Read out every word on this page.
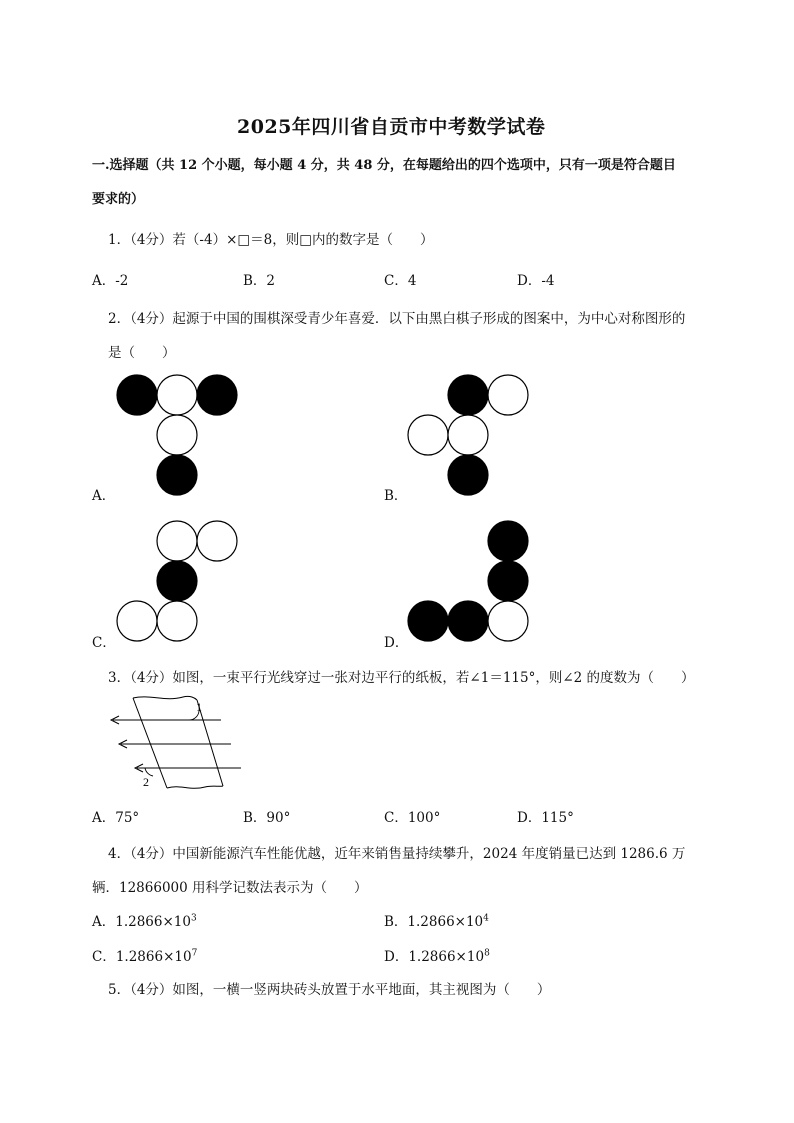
2025年四川省自贡市中考数学试卷
一.选择题（共 12 个小题，每小题 4 分，共 48 分，在每题给出的四个选项中，只有一项是符合题目
要求的）
1．（4分）若（-4）×□＝8，则□内的数字是（　　）
A．-2	B．2	C．4	D．-4
2．（4分）起源于中国的围棋深受青少年喜爱．以下由黑白棋子形成的图案中，为中心对称图形的
是（　　）
A．	B．
C．	D．
3．（4分）如图，一束平行光线穿过一张对边平行的纸板，若∠1＝115°，则∠2 的度数为（　　）
1
2
A．75°	B．90°	C．100°	D．115°
4．（4分）中国新能源汽车性能优越，近年来销售量持续攀升，2024 年度销量已达到 1286.6 万
辆．12866000 用科学记数法表示为（　　）
A．$1.2866\times 10^3$	B．$1.2866\times 10^4$
C．$1.2866\times 10^7$	D．$1.2866\times 10^8$
5．（4分）如图，一横一竖两块砖头放置于水平地面，其主视图为（　　）
